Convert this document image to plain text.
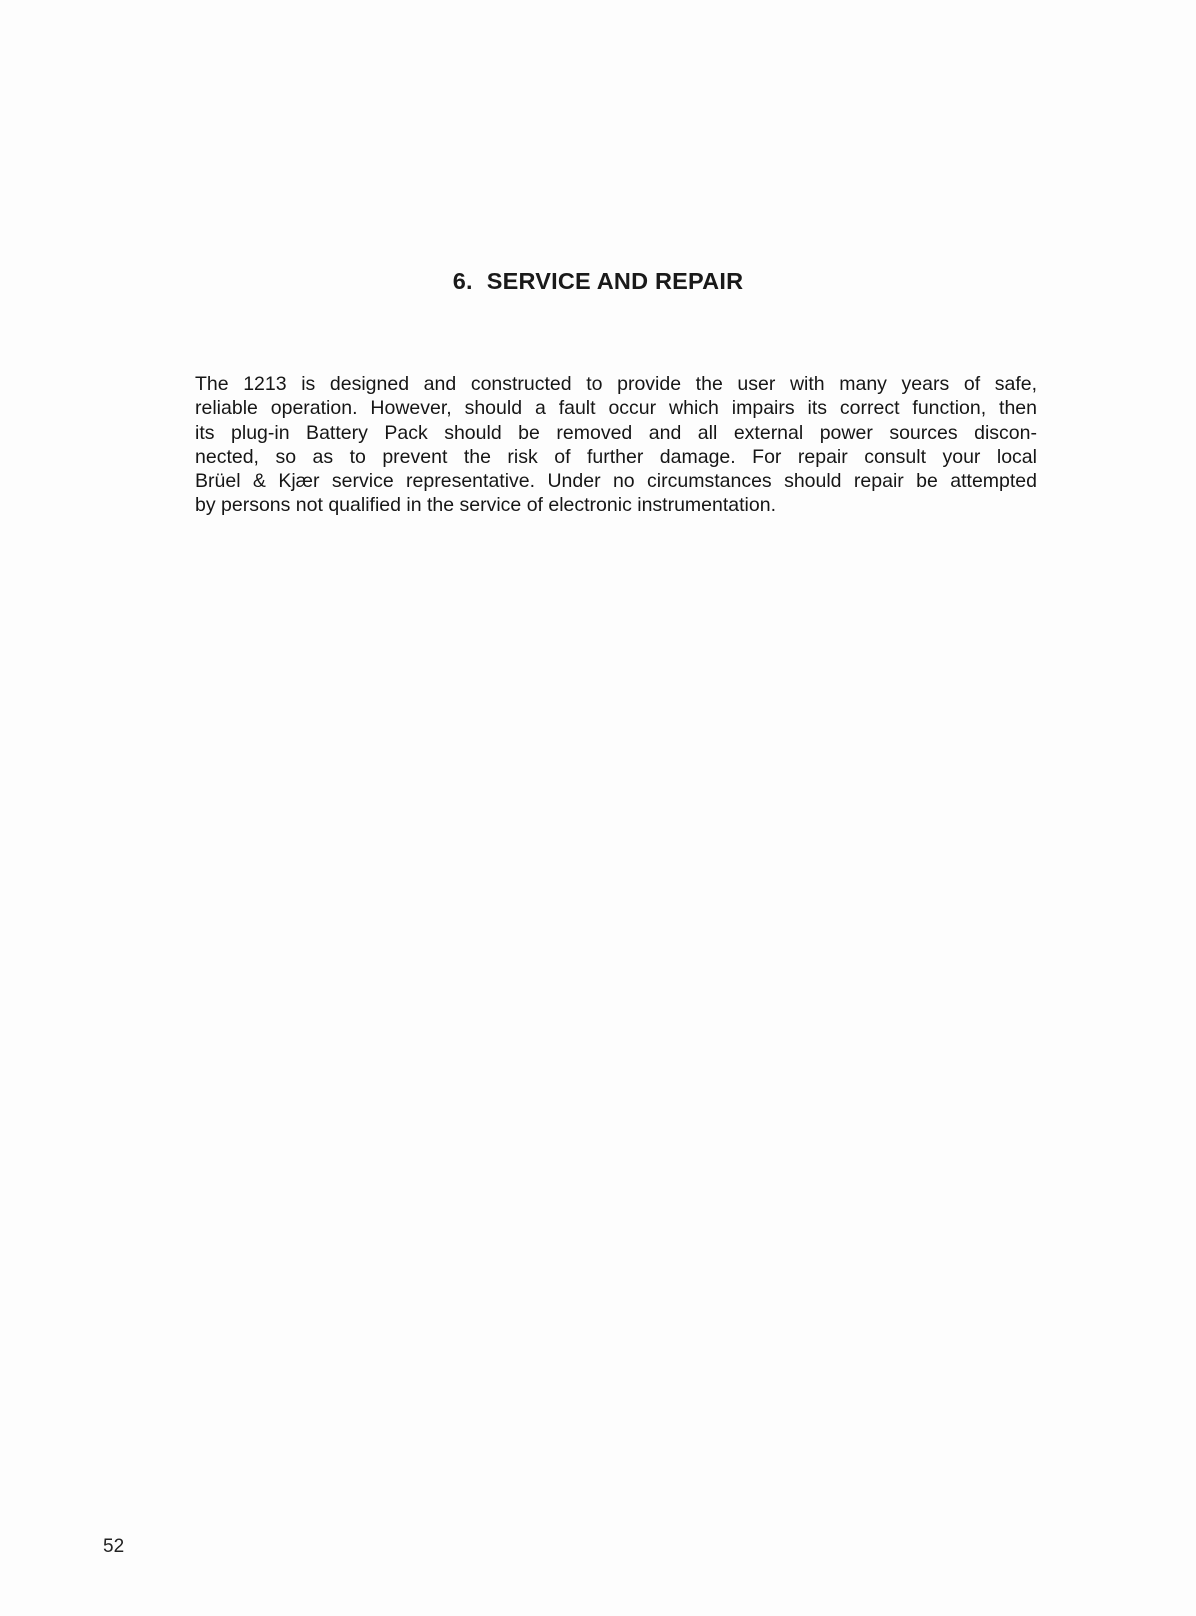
6. SERVICE AND REPAIR
The 1213 is designed and constructed to provide the user with many years of safe,
reliable operation. However, should a fault occur which impairs its correct function, then
its plug-in Battery Pack should be removed and all external power sources discon-
nected, so as to prevent the risk of further damage. For repair consult your local
Brüel & Kjær service representative. Under no circumstances should repair be attempted
by persons not qualified in the service of electronic instrumentation.
52
